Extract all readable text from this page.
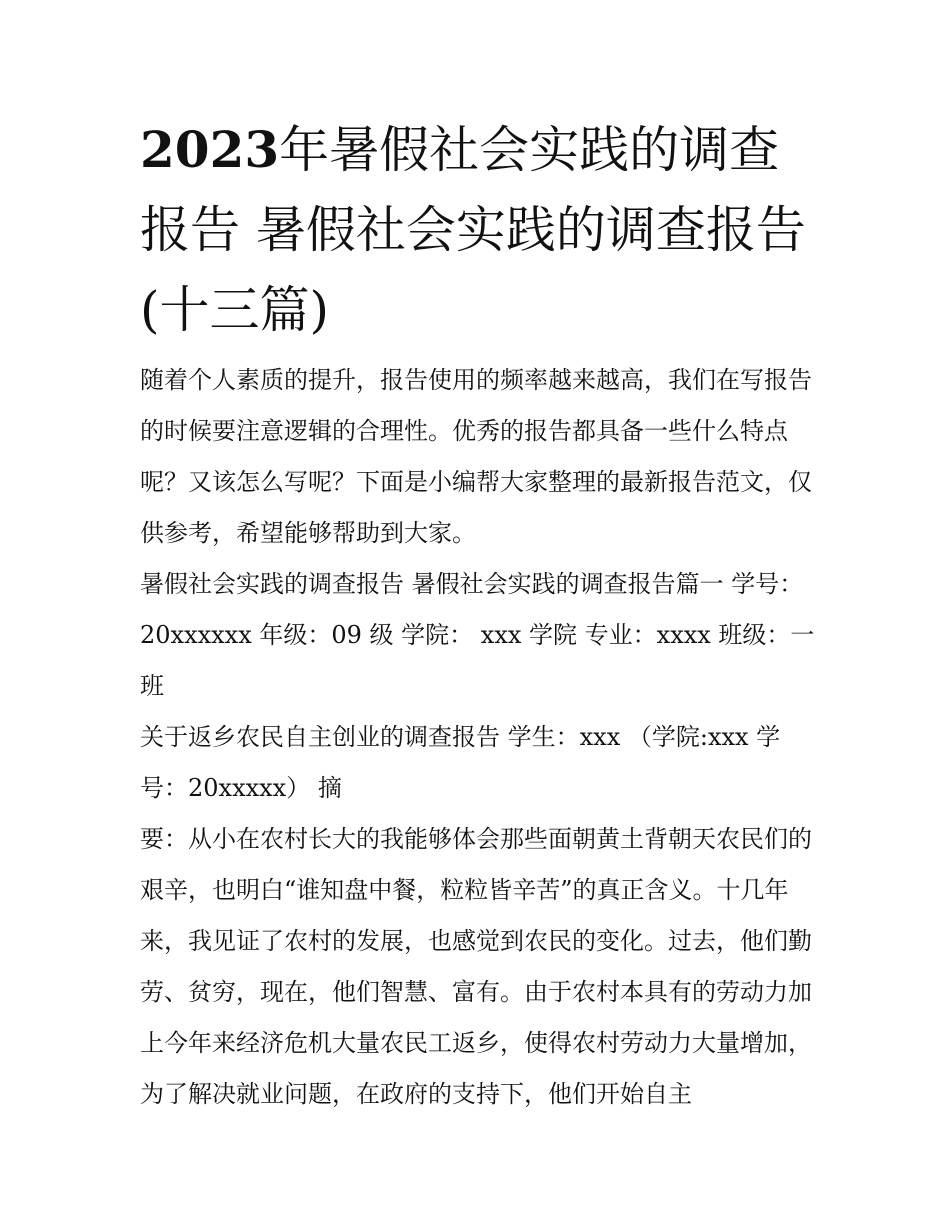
2023年暑假社会实践的调查报告 暑假社会实践的调查报告(十三篇)

随着个人素质的提升，报告使用的频率越来越高，我们在写报告的时候要注意逻辑的合理性。优秀的报告都具备一些什么特点呢？又该怎么写呢？下面是小编帮大家整理的最新报告范文，仅供参考，希望能够帮助到大家。

暑假社会实践的调查报告 暑假社会实践的调查报告篇一 学号：20xxxxxx 年级：09 级 学院： xxx 学院 专业：xxxx 班级：一班

关于返乡农民自主创业的调查报告 学生：xxx （学院:xxx 学号：20xxxxx） 摘

要：从小在农村长大的我能够体会那些面朝黄土背朝天农民们的艰辛，也明白“谁知盘中餐，粒粒皆辛苦”的真正含义。十几年来，我见证了农村的发展，也感觉到农民的变化。过去，他们勤劳、贫穷，现在，他们智慧、富有。由于农村本具有的劳动力加上今年来经济危机大量农民工返乡，使得农村劳动力大量增加，为了解决就业问题，在政府的支持下，他们开始自主
